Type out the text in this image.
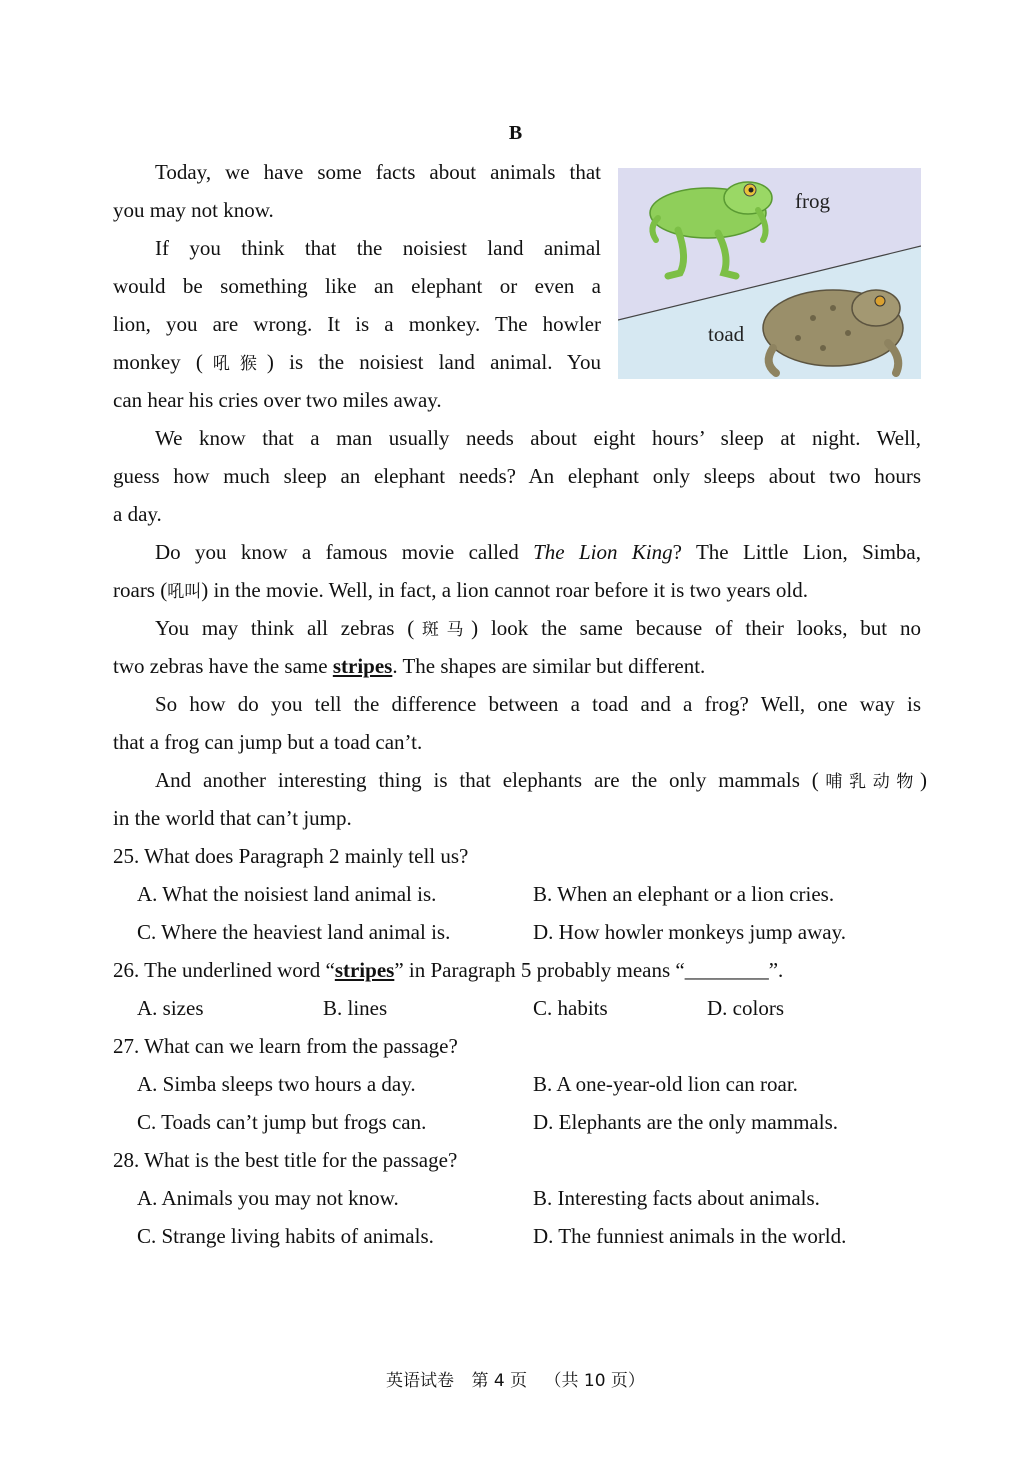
B
Today, we have some facts about animals that
you may not know.
If you think that the noisiest land animal
would be something like an elephant or even a
lion, you are wrong. It is a monkey. The howler
monkey (吼猴) is the noisiest land animal. You
can hear his cries over two miles away.
frog
toad
We know that a man usually needs about eight hours’ sleep at night. Well,
guess how much sleep an elephant needs? An elephant only sleeps about two hours
a day.
Do you know a famous movie called The Lion King? The Little Lion, Simba,
roars (吼叫) in the movie. Well, in fact, a lion cannot roar before it is two years old.
You may think all zebras (斑马) look the same because of their looks, but no
two zebras have the same stripes. The shapes are similar but different.
So how do you tell the difference between a toad and a frog? Well, one way is
that a frog can jump but a toad can’t.
And another interesting thing is that elephants are the only mammals (哺乳动物)
in the world that can’t jump.
25. What does Paragraph 2 mainly tell us?
A. What the noisiest land animal is.	B. When an elephant or a lion cries.
C. Where the heaviest land animal is.	D. How howler monkeys jump away.
26. The underlined word “stripes” in Paragraph 5 probably means “________”.
A. sizes	B. lines	C. habits	D. colors
27. What can we learn from the passage?
A. Simba sleeps two hours a day.	B. A one-year-old lion can roar.
C. Toads can’t jump but frogs can.	D. Elephants are the only mammals.
28. What is the best title for the passage?
A. Animals you may not know.	B. Interesting facts about animals.
C. Strange living habits of animals.	D. The funniest animals in the world.
英语试卷 第 4 页 （共 10 页）
